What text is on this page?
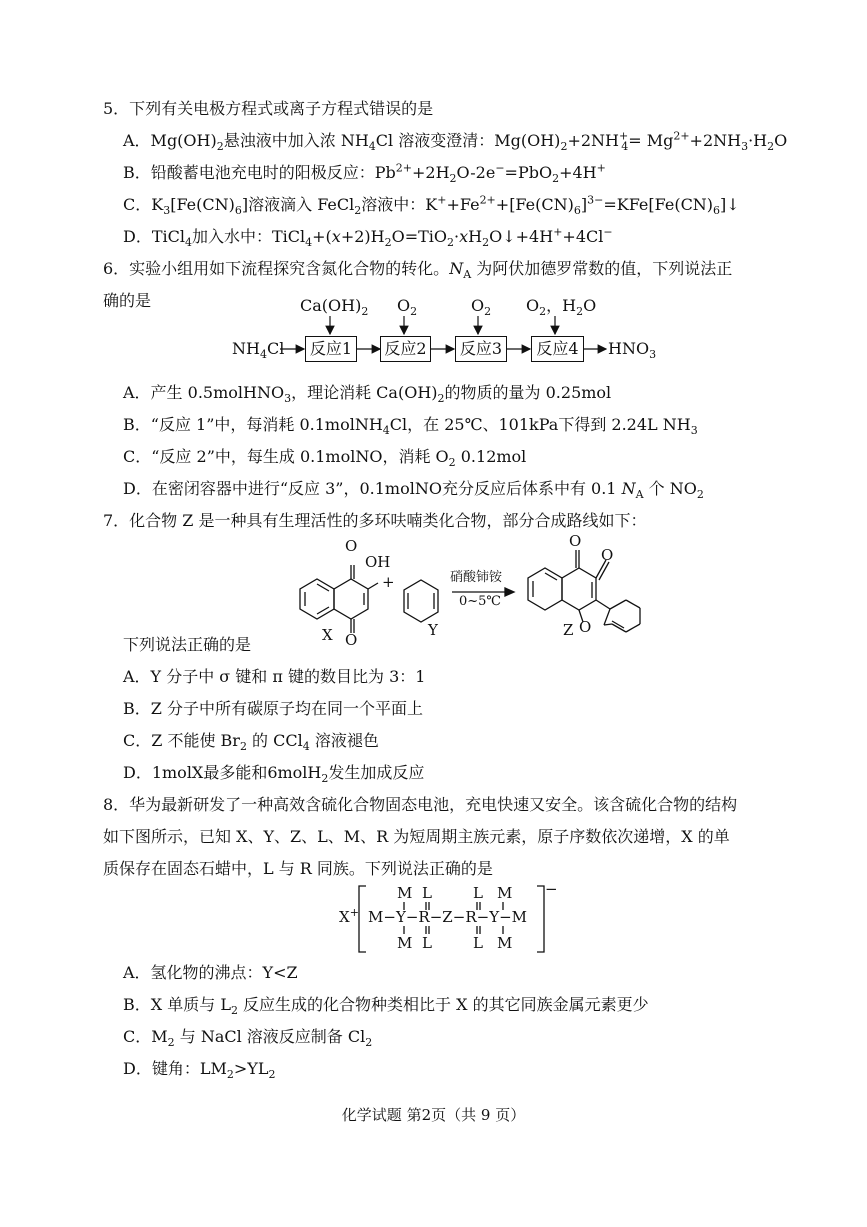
5．下列有关电极方程式或离子方程式错误的是
A．$Mg(OH)_2$悬浊液中加入浓 $NH_4Cl$ 溶液变澄清：$Mg(OH)_2+2NH^+_4= Mg^{2+}+2NH_3\cdot H_2O$
B．铅酸蓄电池充电时的阳极反应：$Pb^{2+}+2H_2O-2e^-=PbO_2+4H^+$
C．$K_3[Fe(CN)_6]$溶液滴入 FeCl$_2$溶液中：$K^++Fe^{2+}+[Fe(CN)_6]^{3-}=KFe[Fe(CN)_6]↓$
D．TiCl$_4$加入水中：$TiCl_4+(x+2)H_2O=TiO_2\cdot xH_2O↓+4H^++4Cl^-$
6．实验小组用如下流程探究含氮化合物的转化。$N_A$ 为阿伏加德罗常数的值，下列说法正
确的是	$Ca(OH)_2$ $O_2$	$O_2$ $O_2$，$H_2O$
$NH_4Cl$	反应1	反应2	反应3	反应4	$HNO_3$
A．产生 0.5molHNO$_3$，理论消耗 $Ca(OH)_2$的物质的量为 0.25mol
B．“反应 1”中，每消耗 0.1molNH$_4$Cl，在 25℃、101kPa下得到 2.24L $NH_3$
C．“反应 2”中，每生成 0.1molNO，消耗 $O_2$ 0.12mol
D．在密闭容器中进行“反应 3”，0.1molNO充分反应后体系中有 0.1 $N_A$ 个 $NO_2$
7．化合物 Z 是一种具有生理活性的多环呋喃类化合物，部分合成路线如下：
O
O
OH
X
+
Y
硝酸铈铵
0~5℃
O
O
O
Z
下列说法正确的是
A．Y 分子中 σ 键和 π 键的数目比为 3：1
B．Z 分子中所有碳原子均在同一个平面上
C．Z 不能使 $Br_2$ 的 CCl$_4$ 溶液褪色
D．1molX最多能和6molH$_2$发生加成反应
8．华为最新研发了一种高效含硫化合物固态电池，充电快速又安全。该含硫化合物的结构
如下图所示，已知 X、Y、Z、L、M、R 为短周期主族元素，原子序数依次递增，X 的单
质保存在固态石蜡中，L 与 R 同族。下列说法正确的是
X+
−
M L	L M
M−Y−R−Z−R−Y−M
M L	L M
A．氢化物的沸点：Y<Z
B．X 单质与 $L_2$ 反应生成的化合物种类相比于 X 的其它同族金属元素更少
C．$M_2$ 与 NaCl 溶液反应制备 $Cl_2$
D．键角：$LM_2>YL_2$
化学试题 第2页（共 9 页）
